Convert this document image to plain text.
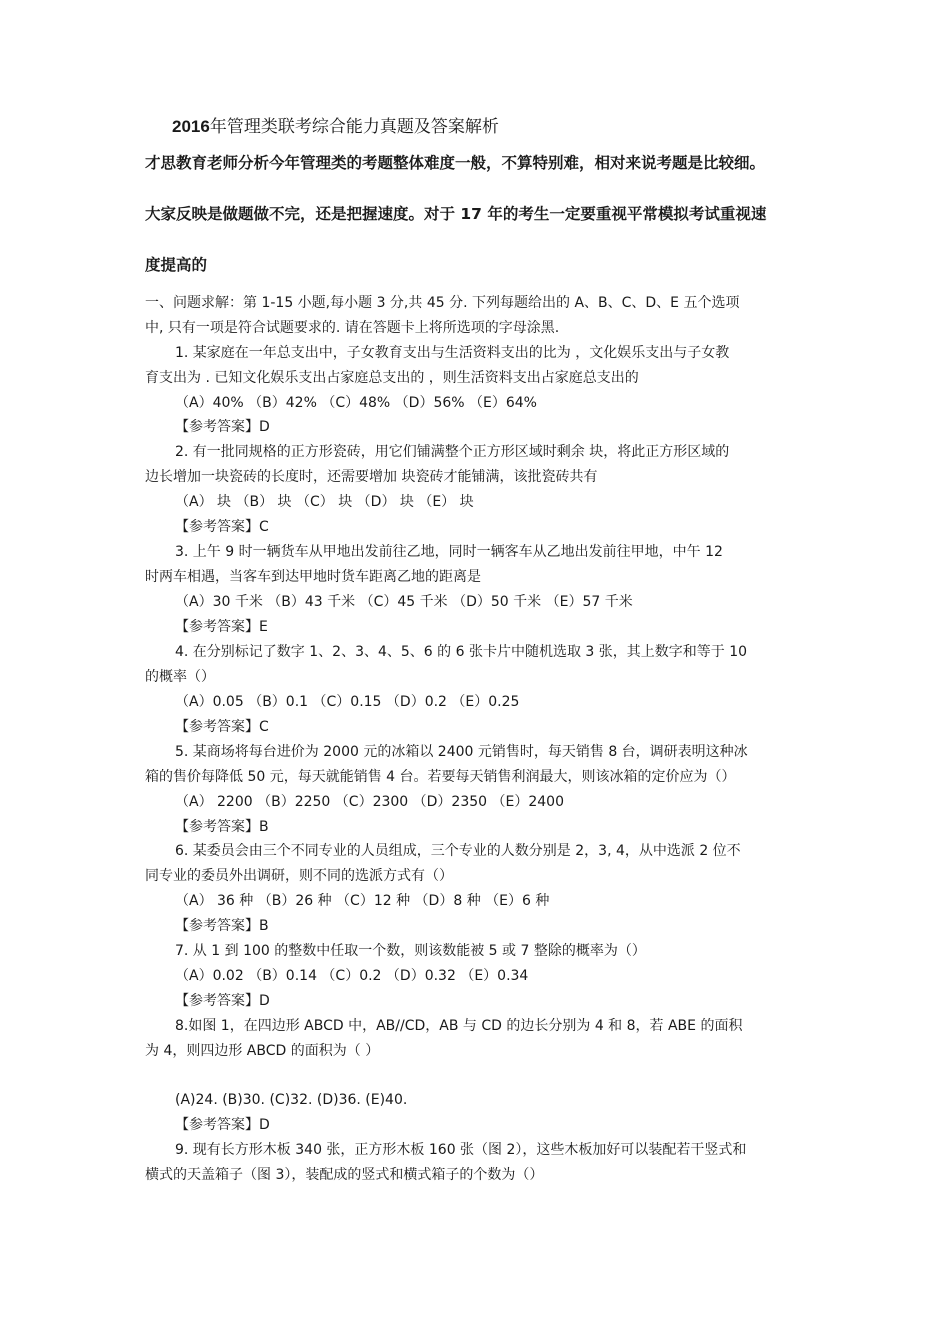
2016年管理类联考综合能力真题及答案解析
才思教育老师分析今年管理类的考题整体难度一般，不算特别难，相对来说考题是比较细。
大家反映是做题做不完，还是把握速度。对于 17 年的考生一定要重视平常模拟考试重视速
度提高的
一、问题求解：第 1-15 小题,每小题 3 分,共 45 分. 下列每题给出的 A、B、C、D、E 五个选项
中, 只有一项是符合试题要求的. 请在答题卡上将所选项的字母涂黑.
1. 某家庭在一年总支出中，子女教育支出与生活资料支出的比为 ，文化娱乐支出与子女教
育支出为 . 已知文化娱乐支出占家庭总支出的 ，则生活资料支出占家庭总支出的
（A）40% （B）42% （C）48% （D）56% （E）64%
【参考答案】D
2. 有一批同规格的正方形瓷砖，用它们铺满整个正方形区域时剩余 块，将此正方形区域的
边长增加一块瓷砖的长度时，还需要增加 块瓷砖才能铺满，该批瓷砖共有
（A） 块 （B） 块 （C） 块 （D） 块 （E） 块
【参考答案】C
3. 上午 9 时一辆货车从甲地出发前往乙地，同时一辆客车从乙地出发前往甲地，中午 12
时两车相遇，当客车到达甲地时货车距离乙地的距离是
（A）30 千米 （B）43 千米 （C）45 千米 （D）50 千米 （E）57 千米
【参考答案】E
4. 在分别标记了数字 1、2、3、4、5、6 的 6 张卡片中随机选取 3 张，其上数字和等于 10
的概率（）
（A）0.05 （B）0.1 （C）0.15 （D）0.2 （E）0.25
【参考答案】C
5. 某商场将每台进价为 2000 元的冰箱以 2400 元销售时，每天销售 8 台，调研表明这种冰
箱的售价每降低 50 元，每天就能销售 4 台。若要每天销售利润最大，则该冰箱的定价应为（）
（A） 2200 （B）2250 （C）2300 （D）2350 （E）2400
【参考答案】B
6. 某委员会由三个不同专业的人员组成，三个专业的人数分别是 2，3, 4，从中选派 2 位不
同专业的委员外出调研，则不同的选派方式有（）
（A） 36 种 （B）26 种 （C）12 种 （D）8 种 （E）6 种
【参考答案】B
7. 从 1 到 100 的整数中任取一个数，则该数能被 5 或 7 整除的概率为（）
（A）0.02 （B）0.14 （C）0.2 （D）0.32 （E）0.34
【参考答案】D
8.如图 1，在四边形 ABCD 中，AB//CD，AB 与 CD 的边长分别为 4 和 8，若 ABE 的面积
为 4，则四边形 ABCD 的面积为（ ）
(A)24. (B)30. (C)32. (D)36. (E)40.
【参考答案】D
9. 现有长方形木板 340 张，正方形木板 160 张（图 2），这些木板加好可以装配若干竖式和
横式的天盖箱子（图 3），装配成的竖式和横式箱子的个数为（）
